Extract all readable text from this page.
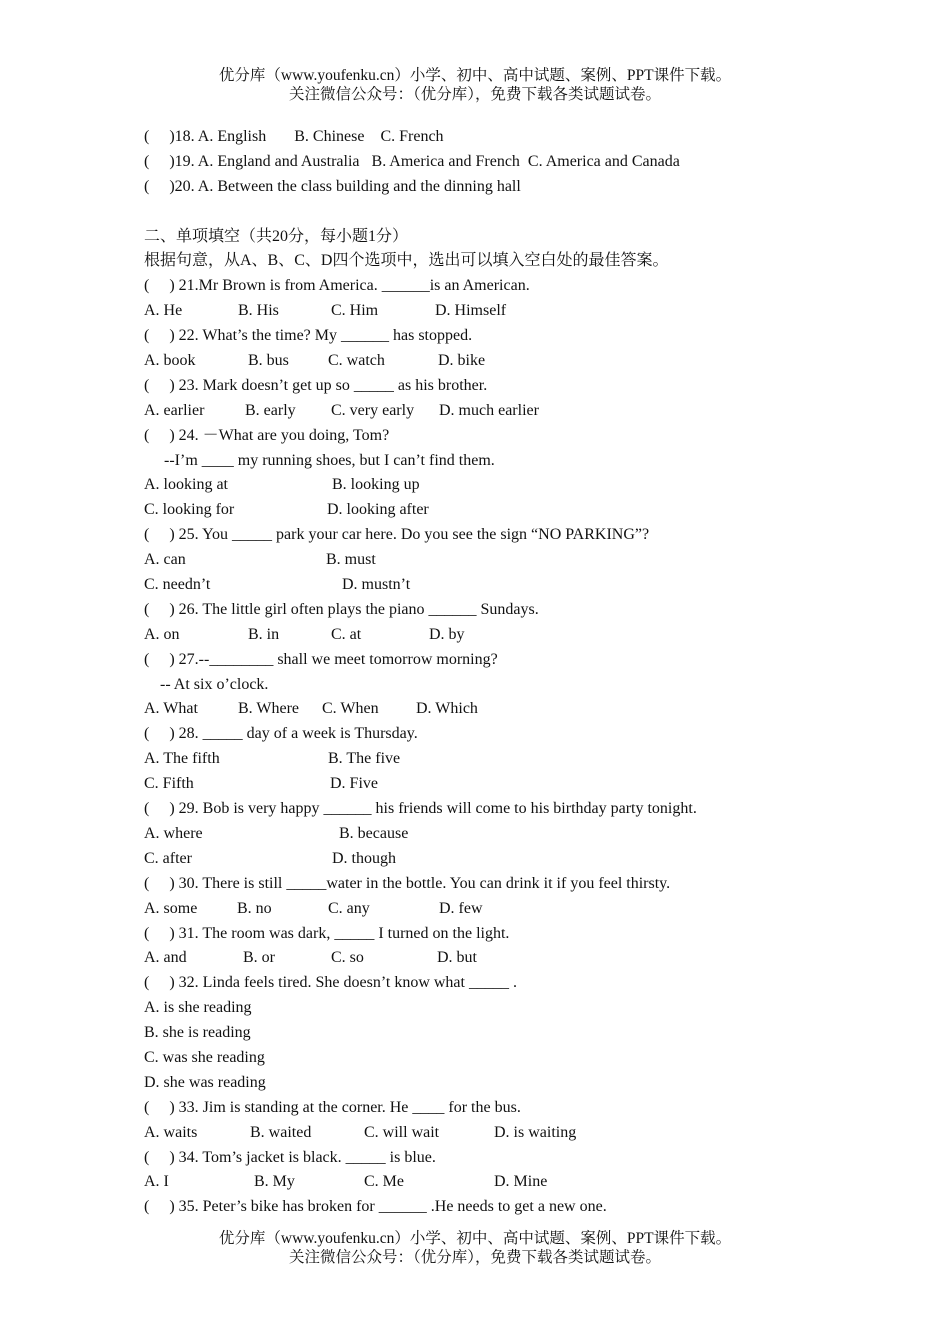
优分库（www.youfenku.cn）小学、初中、高中试题、案例、PPT课件下载。
关注微信公众号：（优分库），免费下载各类试题试卷。
(     )18. A. English       B. Chinese    C. French
(     )19. A. England and Australia   B. America and French  C. America and Canada
(     )20. A. Between the class building and the dinning hall
二、单项填空（共20分，每小题1分）
根据句意，从A、B、C、D四个选项中，选出可以填入空白处的最佳答案。
(     ) 21.Mr Brown is from America. ______is an American.

A. He

	B. His

	C. Him

	D. Himself

(     ) 22. What’s the time? My ______ has stopped.

A. book

	B. bus

C. watch

	D. bike

(     ) 23. Mark doesn’t get up so _____ as his brother.

A. earlier

	B. early

C. very early

D. much earlier

(     ) 24. －What are you doing, Tom?
--I’m ____ my running shoes, but I can’t find them.

A. looking at

	B. looking up

C. looking for

	D. looking after

(     ) 25. You _____ park your car here. Do you see the sign “NO PARKING”?

A. can

	B. must

C. needn’t

	D. mustn’t

(     ) 26. The little girl often plays the piano ______ Sundays.

A. on

	B. in

	C. at

	D. by

(     ) 27.--________ shall we meet tomorrow morning?
-- At six o’clock.

A. What

	B. Where

C. When

D. Which

(     ) 28. _____ day of a week is Thursday.

A. The fifth

	B. The five

C. Fifth

	D. Five

(     ) 29. Bob is very happy ______ his friends will come to his birthday party tonight.

A. where

	B. because

C. after

	D. though

(     ) 30. There is still _____water in the bottle. You can drink it if you feel thirsty.

A. some

B. no

	C. any

	D. few

(     ) 31. The room was dark, _____ I turned on the light.

A. and

	B. or

	C. so

	D. but

(     ) 32. Linda feels tired. She doesn’t know what _____ .
A. is she reading
B. she is reading
C. was she reading
D. she was reading
(     ) 33. Jim is standing at the corner. He ____ for the bus.

A. waits

	B. waited

	C. will wait

	D. is waiting

(     ) 34. Tom’s jacket is black. _____ is blue.

A. I

	B. My

	C. Me

	D. Mine

(     ) 35. Peter’s bike has broken for ______ .He needs to get a new one.
优分库（www.youfenku.cn）小学、初中、高中试题、案例、PPT课件下载。
关注微信公众号：（优分库），免费下载各类试题试卷。
